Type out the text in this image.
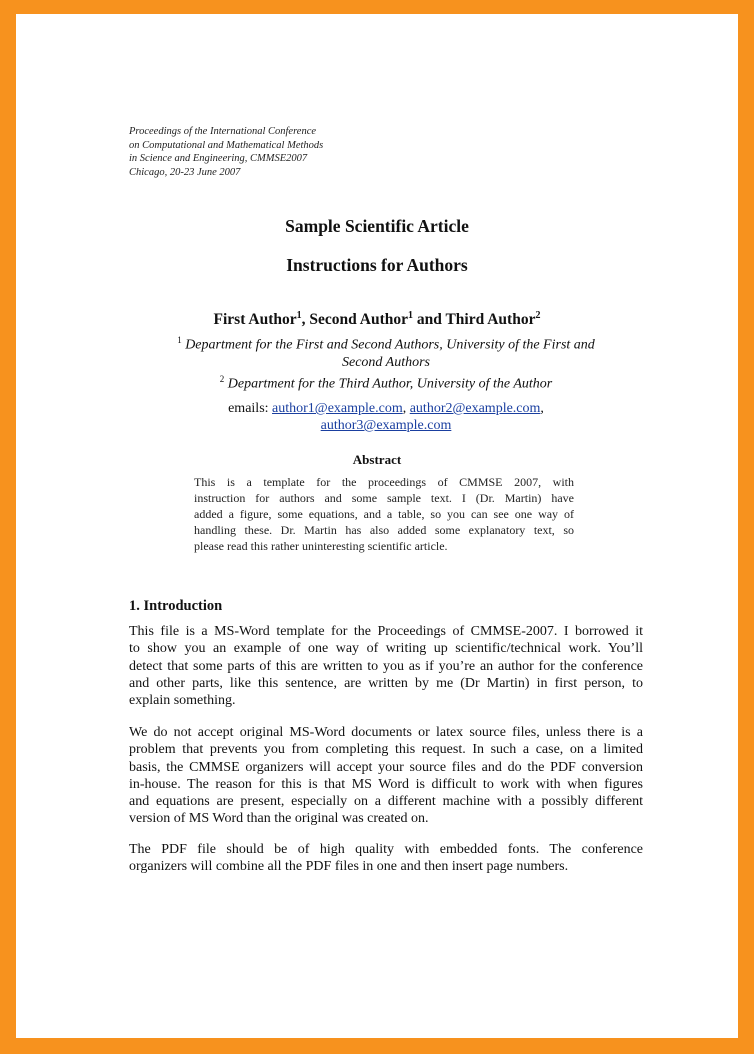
Proceedings of the International Conference
on Computational and Mathematical Methods
in Science and Engineering, CMMSE2007
Chicago, 20-23 June 2007
Sample Scientific Article
Instructions for Authors
First Author$^1$, Second Author$^1$ and Third Author$^2$
$^1$ Department for the First and Second Authors, University of the First and
Second Authors
$^2$ Department for the Third Author, University of the Author
emails: author1@example.com, author2@example.com,
author3@example.com
Abstract
This is a template for the proceedings of CMMSE 2007, with
instruction for authors and some sample text. I (Dr. Martin) have
added a figure, some equations, and a table, so you can see one way of
handling these. Dr. Martin has also added some explanatory text, so
please read this rather uninteresting scientific article.
1. Introduction
This file is a MS-Word template for the Proceedings of CMMSE-2007. I borrowed it
to show you an example of one way of writing up scientific/technical work. You’ll
detect that some parts of this are written to you as if you’re an author for the conference
and other parts, like this sentence, are written by me (Dr Martin) in first person, to
explain something.
We do not accept original MS-Word documents or latex source files, unless there is a
problem that prevents you from completing this request. In such a case, on a limited
basis, the CMMSE organizers will accept your source files and do the PDF conversion
in-house. The reason for this is that MS Word is difficult to work with when figures
and equations are present, especially on a different machine with a possibly different
version of MS Word than the original was created on.
The PDF file should be of high quality with embedded fonts. The conference
organizers will combine all the PDF files in one and then insert page numbers.
